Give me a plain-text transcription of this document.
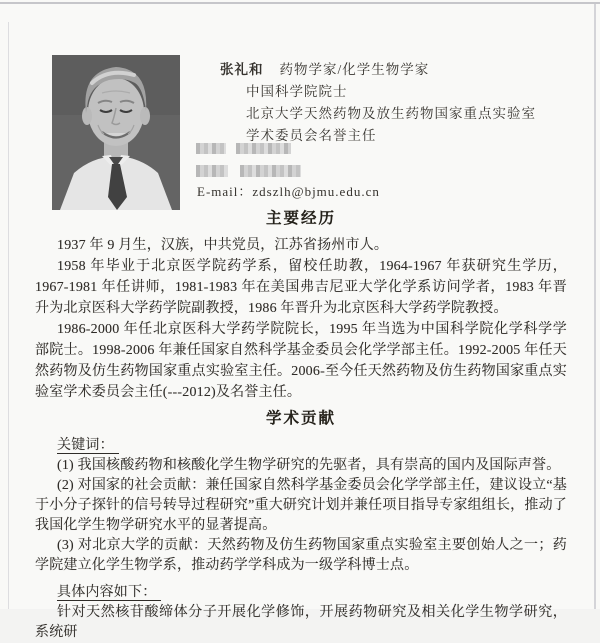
张礼和 药物学家/化学生物学家
中国科学院院士
北京大学天然药物及放生药物国家重点实验室
学术委员会名誉主任
E-mail：zdszlh@bjmu.edu.cn
主要经历

1937 年 9 月生，汉族，中共党员，江苏省扬州市人。

1958 年毕业于北京医学院药学系，留校任助教，1964-1967 年获研究生学历，1967-1981 年任讲师，1981-1983 年在美国弗吉尼亚大学化学系访问学者，1983 年晋升为北京医科大学药学院副教授，1986 年晋升为北京医科大学药学院教授。

1986-2000 年任北京医科大学药学院院长，1995 年当选为中国科学院化学科学学部院士。1998-2006 年兼任国家自然科学基金委员会化学学部主任。1992-2005 年任天然药物及仿生药物国家重点实验室主任。2006-至今任天然药物及仿生药物国家重点实验室学术委员会主任(---2012)及名誉主任。

学术贡献

关键词：

(1) 我国核酸药物和核酸化学生物学研究的先驱者，具有崇高的国内及国际声誉。

(2) 对国家的社会贡献：兼任国家自然科学基金委员会化学学部主任，建议设立“基于小分子探针的信号转导过程研究”重大研究计划并兼任项目指导专家组组长，推动了我国化学生物学研究水平的显著提高。

(3) 对北京大学的贡献：天然药物及仿生药物国家重点实验室主要创始人之一；药学院建立化学生物学系，推动药学学科成为一级学科博士点。

具体内容如下：

针对天然核苷酸缔体分子开展化学修饰，开展药物研究及相关化学生物学研究，系统研
